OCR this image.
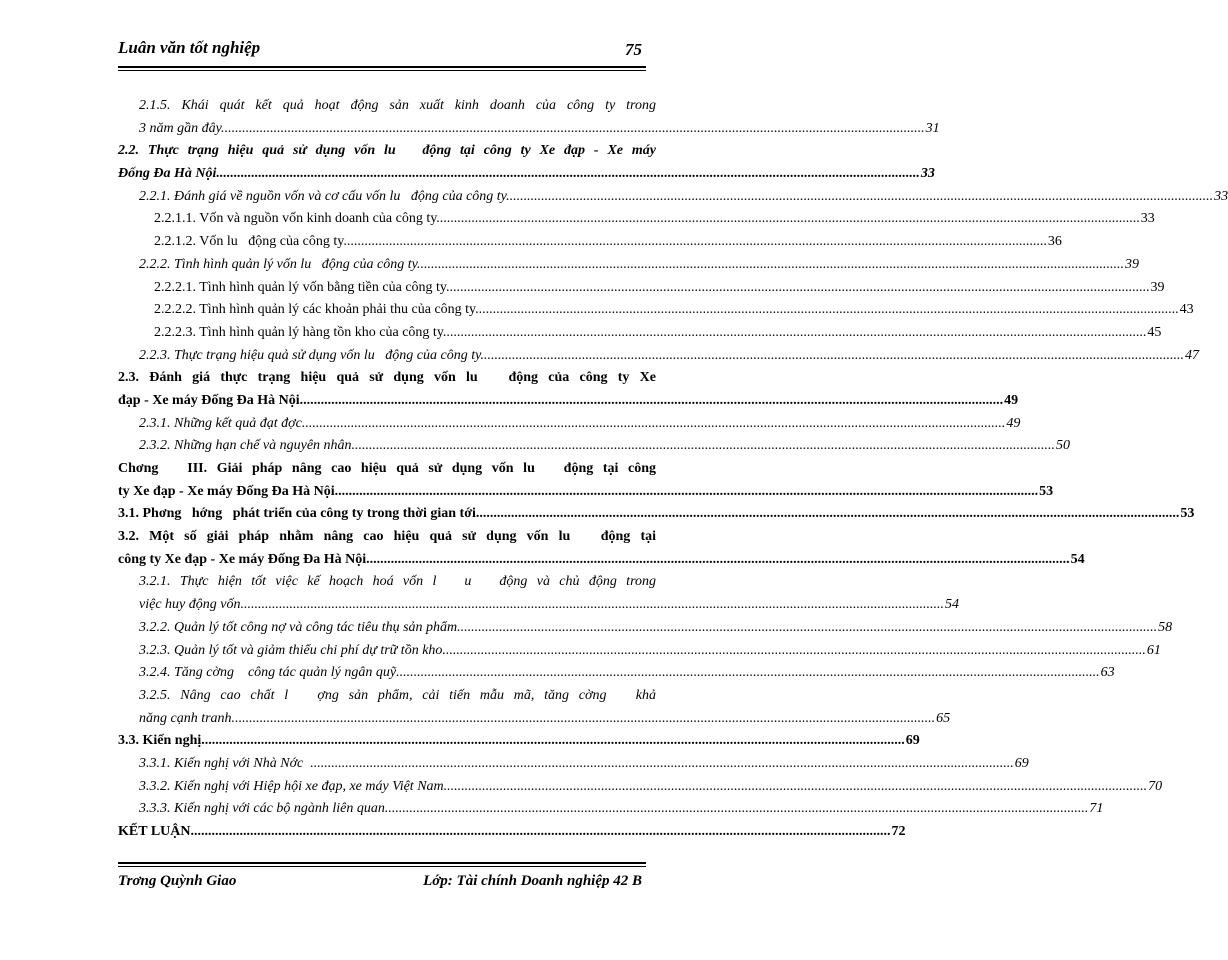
Luân văn tốt nghiệp	75
2.1.5. Khái quát kết quả hoạt động sản xuất kinh doanh của công ty trong
3 năm gần đây. .....	31
2.2. Thực trạng hiệu quả sử dụng vốn lu   động tại công ty Xe đạp - Xe máy
Đống Đa Hà Nội. .....	33
2.2.1. Đánh giá về nguồn vốn và cơ cấu vốn lu   động của công ty.. .....	33
2.2.1.1. Vốn và nguồn vốn kinh doanh của công ty. .....	33
2.2.1.2. Vốn lu   động của công ty. .....	36
2.2.2. Tình hình quản lý vốn lu   động của công ty.. .....	39
2.2.2.1. Tình hình quản lý vốn bằng tiền của công ty. .....	39
2.2.2.2. Tình hình quản lý các khoản phải thu của công ty. .....	43
2.2.2.3. Tình hình quản lý hàng tồn kho của công ty. .....	45
2.2.3. Thực trạng hiệu quả sử dụng vốn lu   động của công ty. .....	47
2.3. Đánh giá thực trạng hiệu quả sử dụng vốn lu   động của công ty Xe
đạp - Xe máy Đống Đa Hà Nội. .....	49
2.3.1. Những kết quả đạt đợc. .....	49
2.3.2. Những hạn chế và nguyên nhân. .....	50
Chơng   III. Giải pháp nâng cao hiệu quả sử dụng vốn lu   động tại công
ty Xe đạp - Xe máy Đống Đa Hà Nội. .....	53
3.1. Phơng   hớng   phát triển của công ty trong thời gian tới. .....	53
3.2. Một số giải pháp nhằm nâng cao hiệu quả sử dụng vốn lu   động tại
công ty Xe đạp - Xe máy Đống Đa Hà Nội. .....	54
3.2.1. Thực hiện tốt việc kế hoạch hoá vốn l   u   động và chủ động trong
việc huy động vốn. .....	54
3.2.2. Quản lý tốt công nợ và công tác tiêu thụ sản phẩm .....	58
3.2.3. Quản lý tốt và giảm thiểu chi phí dự trữ tồn kho. .....	61
3.2.4. Tăng cờng    công tác quản lý ngân quỹ. .....	63
3.2.5. Nâng cao chất l   ợng sản phẩm, cải tiến mẫu mã, tăng cờng   khả
năng cạnh tranh. .....	65
3.3. Kiến nghị. .....	69
3.3.1. Kiến nghị với Nhà Nớc  . .....	69
3.3.2. Kiến nghị với Hiệp hội xe đạp, xe máy Việt Nam. .....	70
3.3.3. Kiến nghị với các bộ ngành liên quan. .....	71
KẾT LUẬN .....	72
Trơng Quỳnh Giao	Lớp: Tài chính Doanh nghiệp 42 B
